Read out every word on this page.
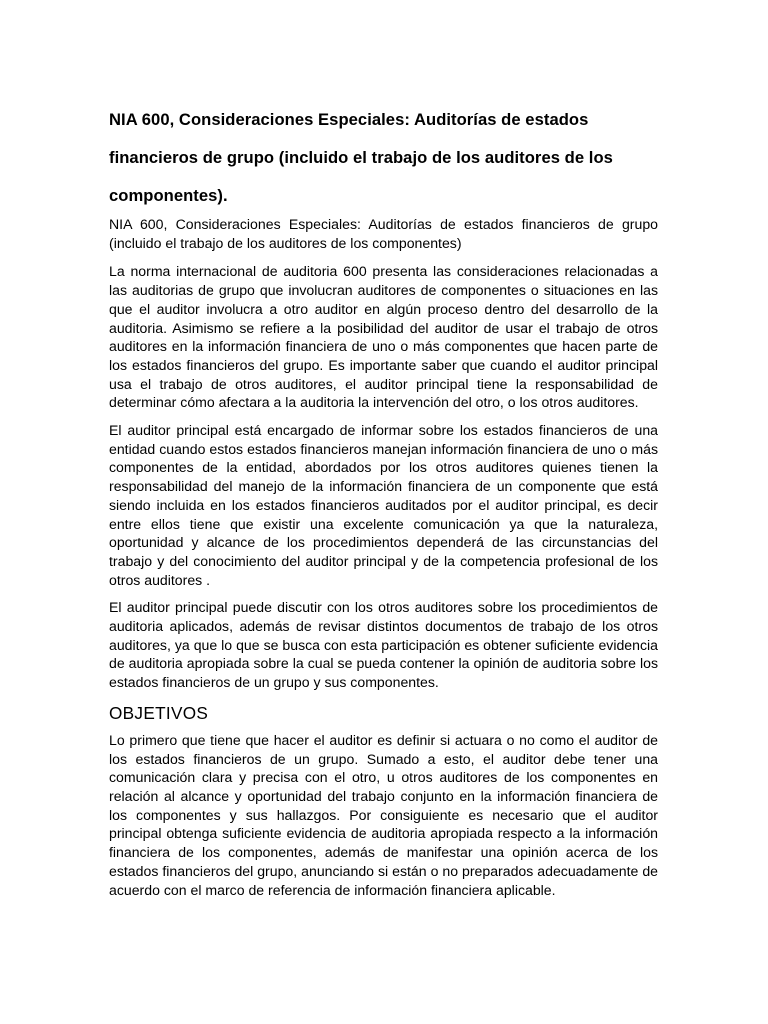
NIA 600, Consideraciones Especiales: Auditorías de estados financieros de grupo (incluido el trabajo de los auditores de los componentes).

NIA 600, Consideraciones Especiales: Auditorías de estados financieros de grupo (incluido el trabajo de los auditores de los componentes)

La norma internacional de auditoria 600 presenta las consideraciones relacionadas a las auditorias de grupo que involucran auditores de componentes o situaciones en las que el auditor involucra a otro auditor en algún proceso dentro del desarrollo de la auditoria. Asimismo se refiere a la posibilidad del auditor de usar el trabajo de otros auditores en la información financiera de uno o más componentes que hacen parte de los estados financieros del grupo. Es importante saber que cuando el auditor principal usa el trabajo de otros auditores, el auditor principal tiene la responsabilidad de determinar cómo afectara a la auditoria la intervención del otro, o los otros auditores.

El auditor principal está encargado de informar sobre los estados financieros de una entidad cuando estos estados financieros manejan información financiera de uno o más componentes de la entidad, abordados por los otros auditores quienes tienen la responsabilidad del manejo de la información financiera de un componente que está siendo incluida en los estados financieros auditados por el auditor principal, es decir entre ellos tiene que existir una excelente comunicación ya que la naturaleza, oportunidad y alcance de los procedimientos dependerá de las circunstancias del trabajo y del conocimiento del auditor principal y de la competencia profesional de los otros auditores .

El auditor principal puede discutir con los otros auditores sobre los procedimientos de auditoria aplicados, además de revisar distintos documentos de trabajo de los otros auditores, ya que lo que se busca con esta participación es obtener suficiente evidencia de auditoria apropiada sobre la cual se pueda contener la opinión de auditoria sobre los estados financieros de un grupo y sus componentes.

OBJETIVOS

Lo primero que tiene que hacer el auditor es definir si actuara o no como el auditor de los estados financieros de un grupo. Sumado a esto, el auditor debe tener una comunicación clara y precisa con el otro, u otros auditores de los componentes en relación al alcance y oportunidad del trabajo conjunto en la información financiera de los componentes y sus hallazgos. Por consiguiente es necesario que el auditor principal obtenga suficiente evidencia de auditoria apropiada respecto a la información financiera de los componentes, además de manifestar una opinión acerca de los estados financieros del grupo, anunciando si están o no preparados adecuadamente de acuerdo con el marco de referencia de información financiera aplicable.
